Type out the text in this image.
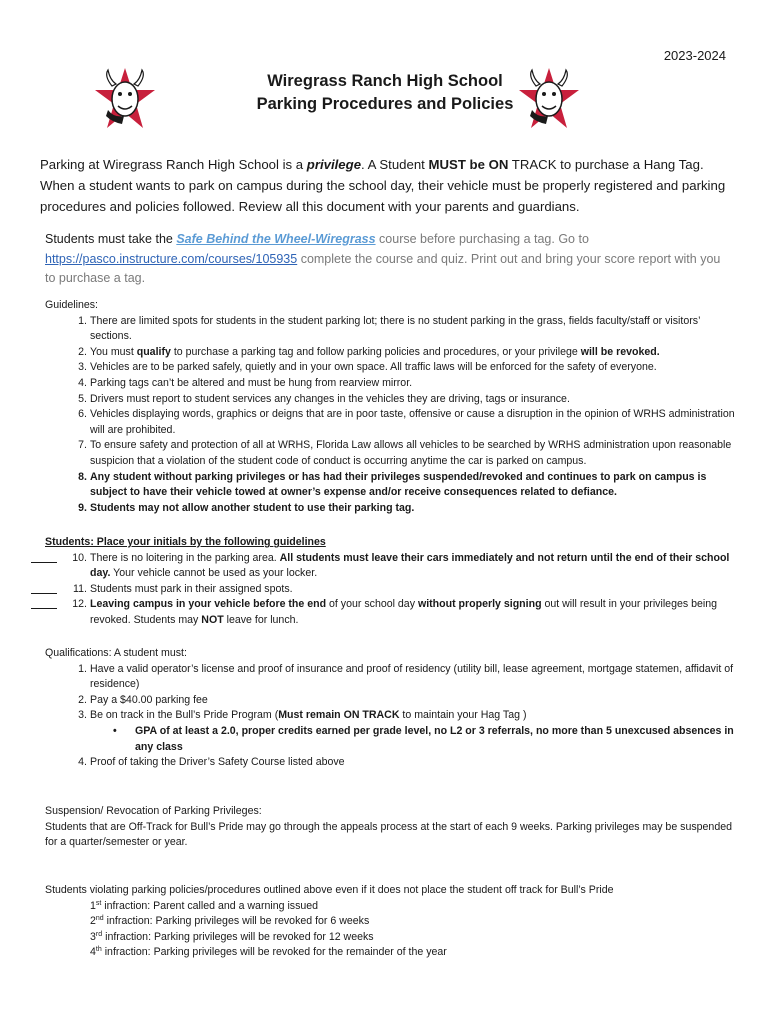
2023-2024
Wiregrass Ranch High School
Parking Procedures and Policies
Parking at Wiregrass Ranch High School is a privilege. A Student MUST be ON TRACK to purchase a Hang Tag. When a student wants to park on campus during the school day, their vehicle must be properly registered and parking procedures and policies followed. Review all this document with your parents and guardians.
Students must take the Safe Behind the Wheel-Wiregrass course before purchasing a tag. Go to
https://pasco.instructure.com/courses/105935 complete the course and quiz. Print out and bring your score report with you to purchase a tag.
Guidelines:
1. There are limited spots for students in the student parking lot; there is no student parking in the grass, fields faculty/staff or visitors’ sections.
2. You must qualify to purchase a parking tag and follow parking policies and procedures, or your privilege will be revoked.
3. Vehicles are to be parked safely, quietly and in your own space. All traffic laws will be enforced for the safety of everyone.
4. Parking tags can’t be altered and must be hung from rearview mirror.
5. Drivers must report to student services any changes in the vehicles they are driving, tags or insurance.
6. Vehicles displaying words, graphics or deigns that are in poor taste, offensive or cause a disruption in the opinion of WRHS administration will are prohibited.
7. To ensure safety and protection of all at WRHS, Florida Law allows all vehicles to be searched by WRHS administration upon reasonable suspicion that a violation of the student code of conduct is occurring anytime the car is parked on campus.
8. Any student without parking privileges or has had their privileges suspended/revoked and continues to park on campus is subject to have their vehicle towed at owner’s expense and/or receive consequences related to defiance.
9. Students may not allow another student to use their parking tag.
Students: Place your initials by the following guidelines
10. There is no loitering in the parking area. All students must leave their cars immediately and not return until the end of their school day. Your vehicle cannot be used as your locker.
11. Students must park in their assigned spots.
12. Leaving campus in your vehicle before the end of your school day without properly signing out will result in your privileges being revoked. Students may NOT leave for lunch.
Qualifications: A student must:
1. Have a valid operator’s license and proof of insurance and proof of residency (utility bill, lease agreement, mortgage statemen, affidavit of residence)
2. Pay a $40.00 parking fee
3. Be on track in the Bull’s Pride Program (Must remain ON TRACK to maintain your Hag Tag )
• GPA of at least a 2.0, proper credits earned per grade level, no L2 or 3 referrals, no more than 5 unexcused absences in any class
4. Proof of taking the Driver’s Safety Course listed above
Suspension/ Revocation of Parking Privileges:
Students that are Off-Track for Bull’s Pride may go through the appeals process at the start of each 9 weeks. Parking privileges may be suspended for a quarter/semester or year.
Students violating parking policies/procedures outlined above even if it does not place the student off track for Bull’s Pride
1st infraction: Parent called and a warning issued
2nd infraction: Parking privileges will be revoked for 6 weeks
3rd infraction: Parking privileges will be revoked for 12 weeks
4th infraction: Parking privileges will be revoked for the remainder of the year
